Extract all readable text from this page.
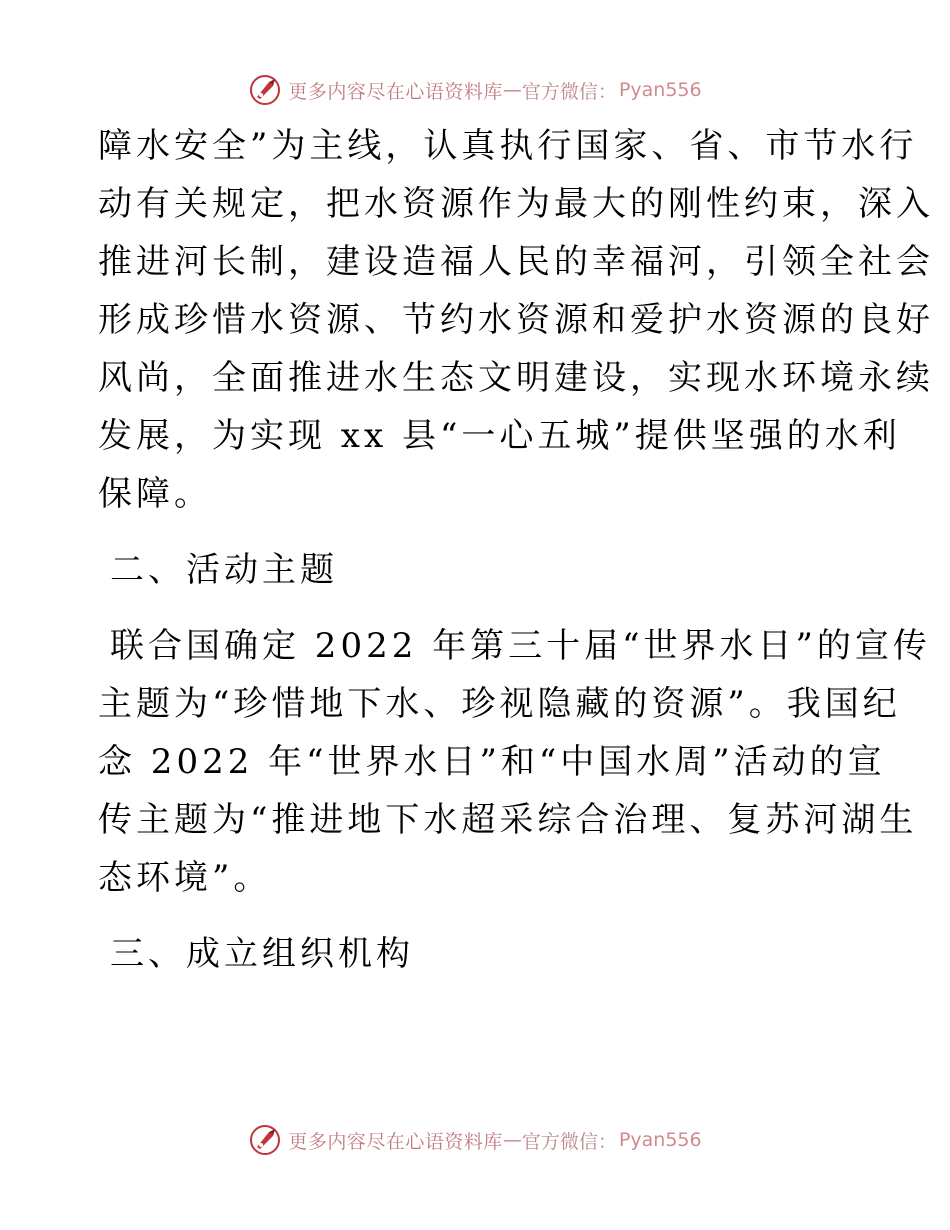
更多内容尽在心语资料库 — 官方微信： Pyan556

障水安全”为主线，认真执行国家、省、市节水行
动有关规定，把水资源作为最大的刚性约束，深入
推进河长制，建设造福人民的幸福河，引领全社会
形成珍惜水资源、节约水资源和爱护水资源的良好
风尚，全面推进水生态文明建设，实现水环境永续
发展，为实现 xx 县“一心五城”提供坚强的水利
保障。

二、活动主题

联合国确定 2022 年第三十届“世界水日”的宣传
主题为“珍惜地下水、珍视隐藏的资源”。我国纪
念 2022 年“世界水日”和“中国水周”活动的宣
传主题为“推进地下水超采综合治理、复苏河湖生
态环境”。

三、成立组织机构
更多内容尽在心语资料库 — 官方微信： Pyan556
